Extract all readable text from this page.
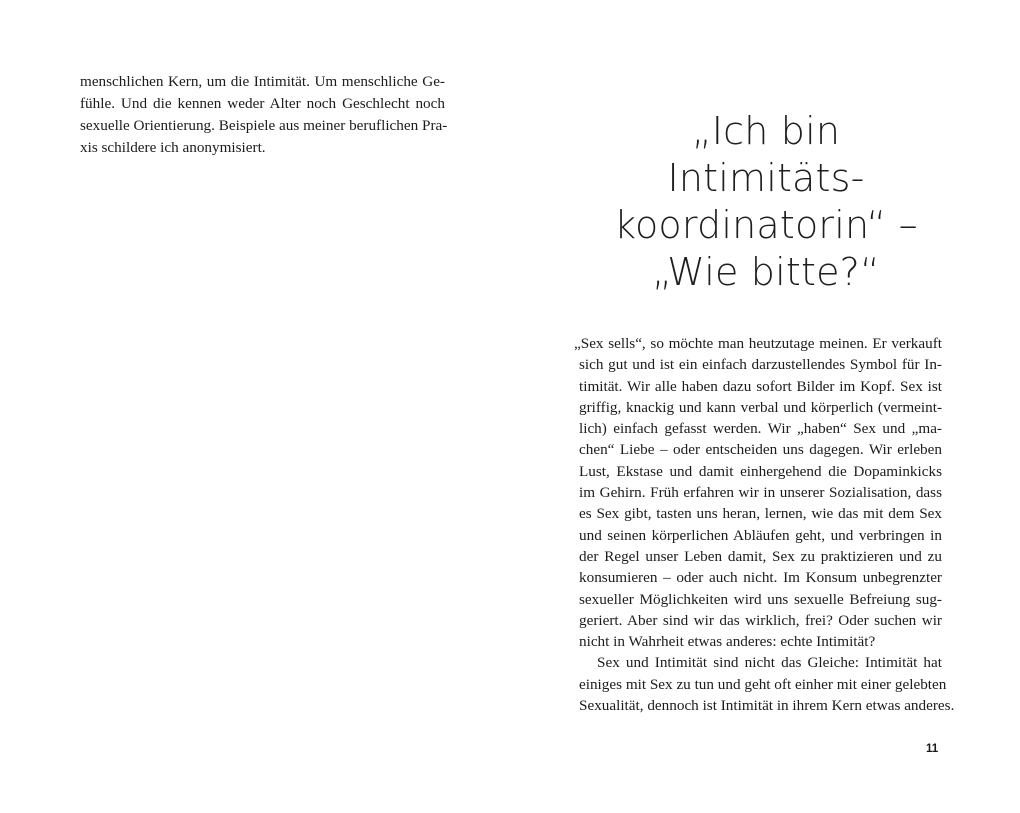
menschlichen Kern, um die Intimität. Um menschliche Ge-
fühle. Und die kennen weder Alter noch Geschlecht noch
sexuelle Orientierung. Beispiele aus meiner beruflichen Pra-
xis schildere ich anonymisiert.	„Ich bin
Intimitäts-
koordinatorin“ –
„Wie bitte?“
„Sex sells“, so möchte man heutzutage meinen. Er verkauft
sich gut und ist ein einfach darzustellendes Symbol für In-
timität. Wir alle haben dazu sofort Bilder im Kopf. Sex ist
griffig, knackig und kann verbal und körperlich (vermeint-
lich) einfach gefasst werden. Wir „haben“ Sex und „ma-
chen“ Liebe – oder entscheiden uns dagegen. Wir erleben
Lust, Ekstase und damit einhergehend die Dopaminkicks
im Gehirn. Früh erfahren wir in unserer Sozialisation, dass
es Sex gibt, tasten uns heran, lernen, wie das mit dem Sex
und seinen körperlichen Abläufen geht, und verbringen in
der Regel unser Leben damit, Sex zu praktizieren und zu
konsumieren – oder auch nicht. Im Konsum unbegrenzter
sexueller Möglichkeiten wird uns sexuelle Befreiung sug-
geriert. Aber sind wir das wirklich, frei? Oder suchen wir
nicht in Wahrheit etwas anderes: echte Intimität?
Sex und Intimität sind nicht das Gleiche: Intimität hat
einiges mit Sex zu tun und geht oft einher mit einer gelebten
Sexualität, dennoch ist Intimität in ihrem Kern etwas anderes.
11
